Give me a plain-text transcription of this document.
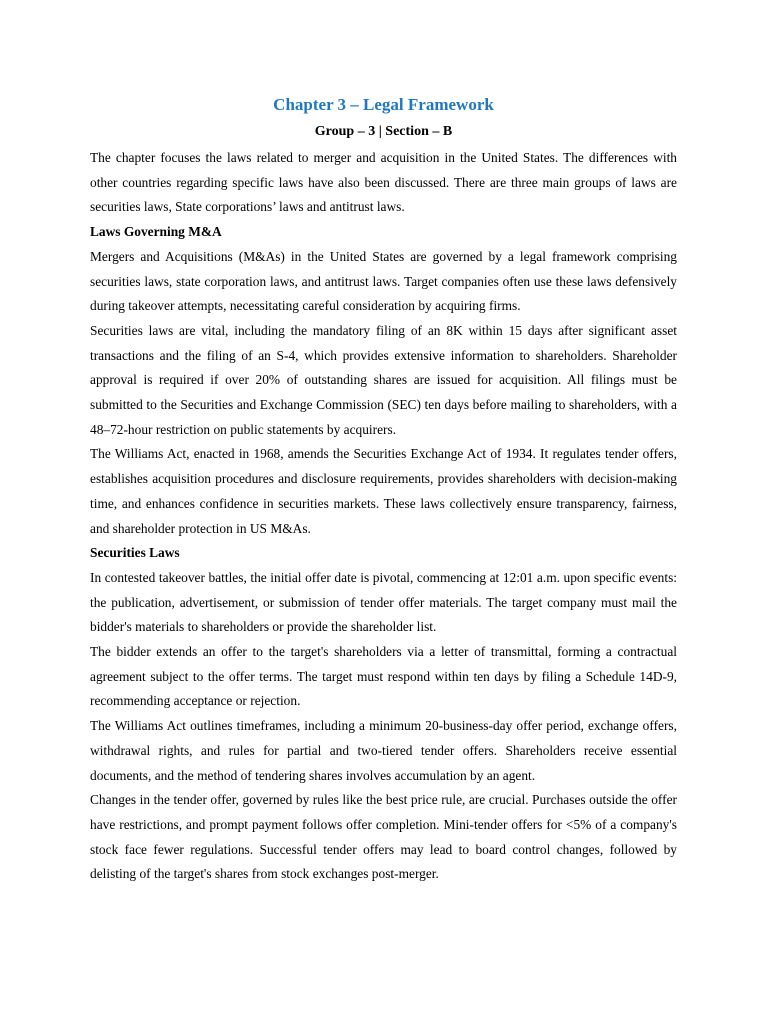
Chapter 3 – Legal Framework
Group – 3 | Section – B

The chapter focuses the laws related to merger and acquisition in the United States. The differences with other countries regarding specific laws have also been discussed. There are three main groups of laws are securities laws, State corporations’ laws and antitrust laws.

Laws Governing M&A

Mergers and Acquisitions (M&As) in the United States are governed by a legal framework comprising securities laws, state corporation laws, and antitrust laws. Target companies often use these laws defensively during takeover attempts, necessitating careful consideration by acquiring firms.

Securities laws are vital, including the mandatory filing of an 8K within 15 days after significant asset transactions and the filing of an S-4, which provides extensive information to shareholders. Shareholder approval is required if over 20% of outstanding shares are issued for acquisition. All filings must be submitted to the Securities and Exchange Commission (SEC) ten days before mailing to shareholders, with a 48–72-hour restriction on public statements by acquirers.

The Williams Act, enacted in 1968, amends the Securities Exchange Act of 1934. It regulates tender offers, establishes acquisition procedures and disclosure requirements, provides shareholders with decision-making time, and enhances confidence in securities markets. These laws collectively ensure transparency, fairness, and shareholder protection in US M&As.

Securities Laws

In contested takeover battles, the initial offer date is pivotal, commencing at 12:01 a.m. upon specific events: the publication, advertisement, or submission of tender offer materials. The target company must mail the bidder's materials to shareholders or provide the shareholder list.

The bidder extends an offer to the target's shareholders via a letter of transmittal, forming a contractual agreement subject to the offer terms. The target must respond within ten days by filing a Schedule 14D-9, recommending acceptance or rejection.

The Williams Act outlines timeframes, including a minimum 20-business-day offer period, exchange offers, withdrawal rights, and rules for partial and two-tiered tender offers. Shareholders receive essential documents, and the method of tendering shares involves accumulation by an agent.

Changes in the tender offer, governed by rules like the best price rule, are crucial. Purchases outside the offer have restrictions, and prompt payment follows offer completion. Mini-tender offers for <5% of a company's stock face fewer regulations. Successful tender offers may lead to board control changes, followed by delisting of the target's shares from stock exchanges post-merger.
